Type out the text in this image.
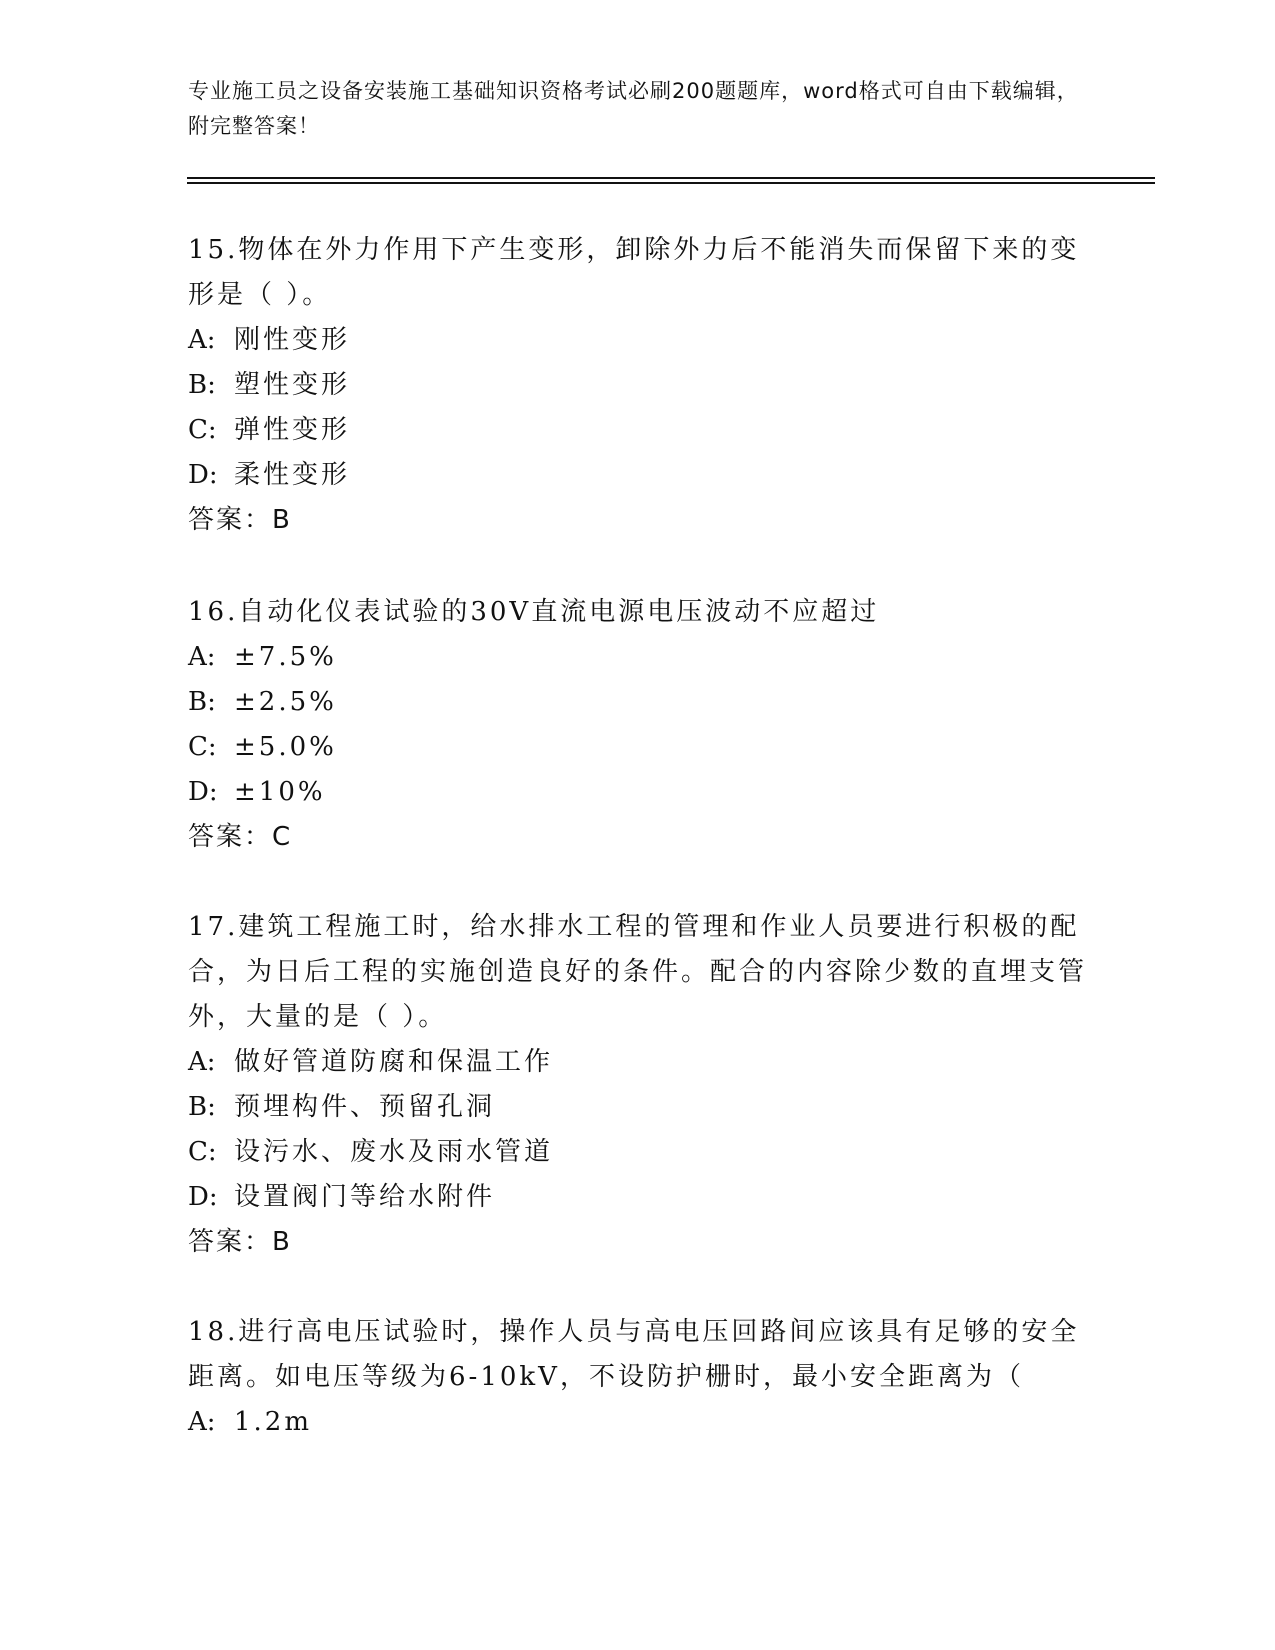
专业施工员之设备安装施工基础知识资格考试必刷200题题库，word格式可自由下载编辑，附完整答案！
15.物体在外力作用下产生变形，卸除外力后不能消失而保留下来的变形是（ ）。
A: 刚性变形
B: 塑性变形
C: 弹性变形
D: 柔性变形
答案：B
16.自动化仪表试验的30V直流电源电压波动不应超过
A: ±7.5%
B: ±2.5%
C: ±5.0%
D: ±10%
答案：C
17.建筑工程施工时，给水排水工程的管理和作业人员要进行积极的配合，为日后工程的实施创造良好的条件。配合的内容除少数的直埋支管外，大量的是（ ）。
A: 做好管道防腐和保温工作
B: 预埋构件、预留孔洞
C: 设污水、废水及雨水管道
D: 设置阀门等给水附件
答案：B
18.进行高电压试验时，操作人员与高电压回路间应该具有足够的安全距离。如电压等级为6-10kV，不设防护栅时，最小安全距离为（
A: 1.2m
